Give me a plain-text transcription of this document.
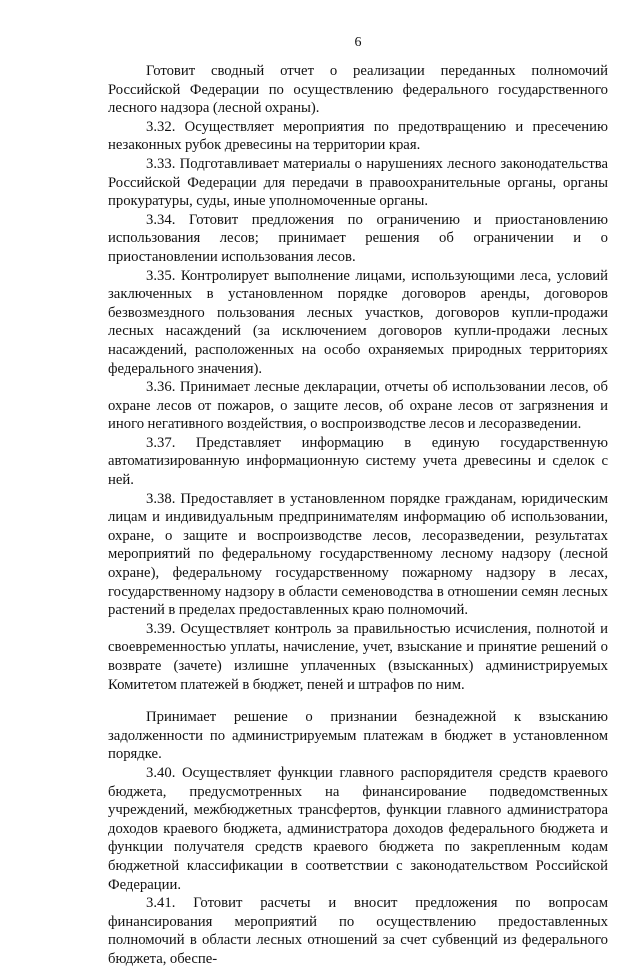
6

Готовит сводный отчет о реализации переданных полномочий Российской Федерации по осуществлению федерального государственного лесного надзора (лесной охраны).

3.32. Осуществляет мероприятия по предотвращению и пресечению незаконных рубок древесины на территории края.

3.33. Подготавливает материалы о нарушениях лесного законодательства Российской Федерации для передачи в правоохранительные органы, органы прокуратуры, суды, иные уполномоченные органы.

3.34. Готовит предложения по ограничению и приостановлению использования лесов; принимает решения об ограничении и о приостановлении использования лесов.

3.35. Контролирует выполнение лицами, использующими леса, условий заключенных в установленном порядке договоров аренды, договоров безвозмездного пользования лесных участков, договоров купли-продажи лесных насаждений (за исключением договоров купли-продажи лесных насаждений, расположенных на особо охраняемых природных территориях федерального значения).

3.36. Принимает лесные декларации, отчеты об использовании лесов, об охране лесов от пожаров, о защите лесов, об охране лесов от загрязнения и иного негативного воздействия, о воспроизводстве лесов и лесоразведении.

3.37. Представляет информацию в единую государственную автоматизированную информационную систему учета древесины и сделок с ней.

3.38. Предоставляет в установленном порядке гражданам, юридическим лицам и индивидуальным предпринимателям информацию об использовании, охране, о защите и воспроизводстве лесов, лесоразведении, результатах мероприятий по федеральному государственному лесному надзору (лесной охране), федеральному государственному пожарному надзору в лесах, государственному надзору в области семеноводства в отношении семян лесных растений в пределах предоставленных краю полномочий.

3.39. Осуществляет контроль за правильностью исчисления, полнотой и своевременностью уплаты, начисление, учет, взыскание и принятие решений о возврате (зачете) излишне уплаченных (взысканных) администрируемых Комитетом платежей в бюджет, пеней и штрафов по ним.

Принимает решение о признании безнадежной к взысканию задолженности по администрируемым платежам в бюджет в установленном порядке.

3.40. Осуществляет функции главного распорядителя средств краевого бюджета, предусмотренных на финансирование подведомственных учреждений, межбюджетных трансфертов, функции главного администратора доходов краевого бюджета, администратора доходов федерального бюджета и функции получателя средств краевого бюджета по закрепленным кодам бюджетной классификации в соответствии с законодательством Российской Федерации.

3.41. Готовит расчеты и вносит предложения по вопросам финансирования мероприятий по осуществлению предоставленных полномочий в области лесных отношений за счет субвенций из федерального бюджета, обеспе-
